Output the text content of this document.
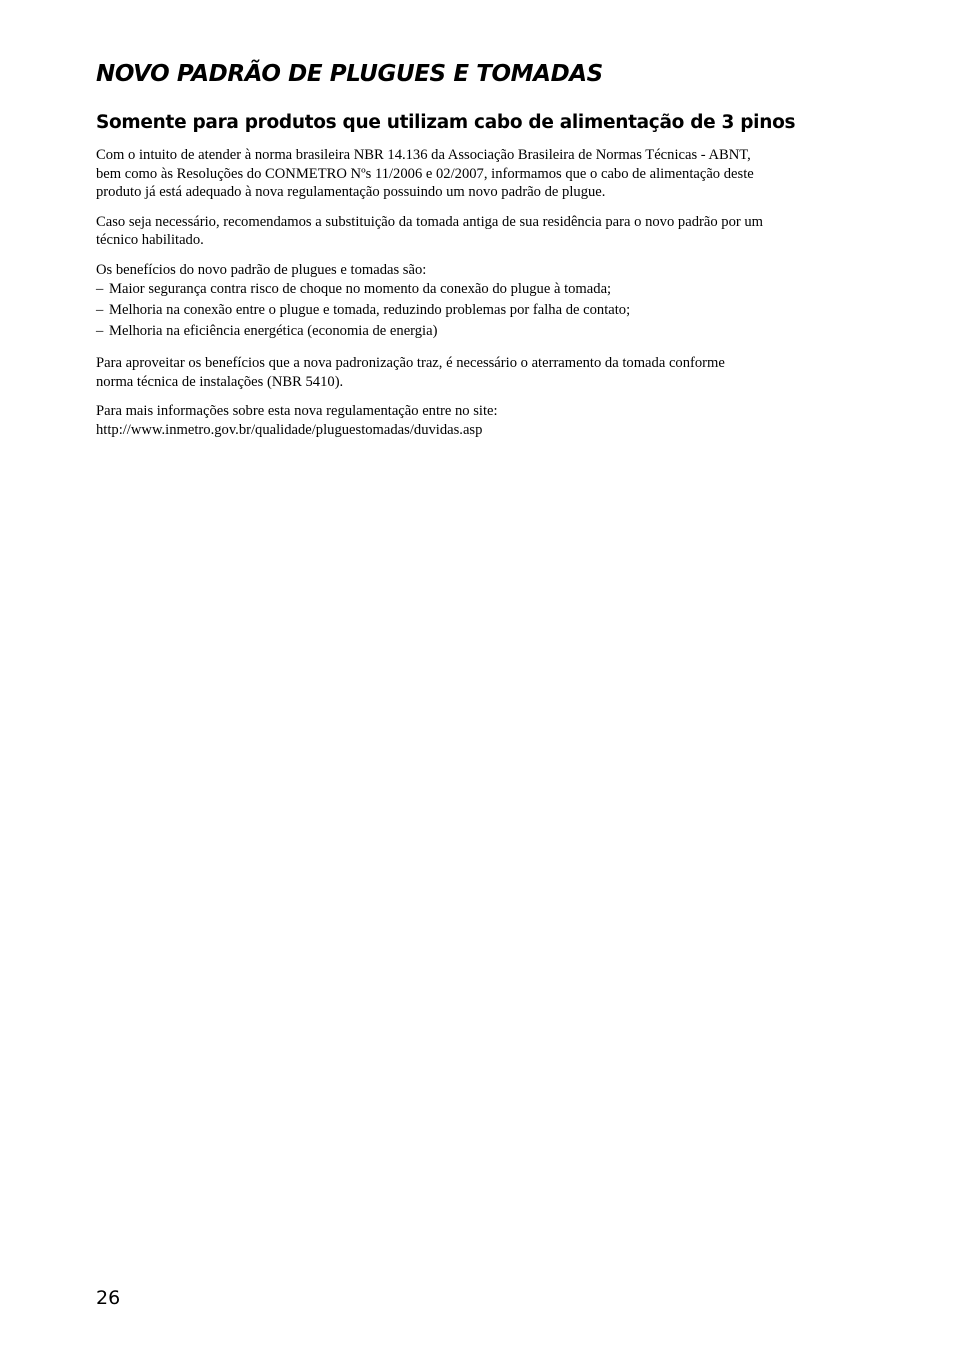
NOVO PADRÃO DE PLUGUES E TOMADAS
Somente para produtos que utilizam cabo de alimentação de 3 pinos

Com o intuito de atender à norma brasileira NBR 14.136 da Associação Brasileira de Normas Técnicas - ABNT,
bem como às Resoluções do CONMETRO Nºs 11/2006 e 02/2007, informamos que o cabo de alimentação deste
produto já está adequado à nova regulamentação possuindo um novo padrão de plugue.

Caso seja necessário, recomendamos a substituição da tomada antiga de sua residência para o novo padrão por um
técnico habilitado.

Os benefícios do novo padrão de plugues e tomadas são:
– Maior segurança contra risco de choque no momento da conexão do plugue à tomada;
– Melhoria na conexão entre o plugue e tomada, reduzindo problemas por falha de contato;
– Melhoria na eficiência energética (economia de energia)

Para aproveitar os benefícios que a nova padronização traz, é necessário o aterramento da tomada conforme
norma técnica de instalações (NBR 5410).

Para mais informações sobre esta nova regulamentação entre no site:
http://www.inmetro.gov.br/qualidade/pluguestomadas/duvidas.asp

26
